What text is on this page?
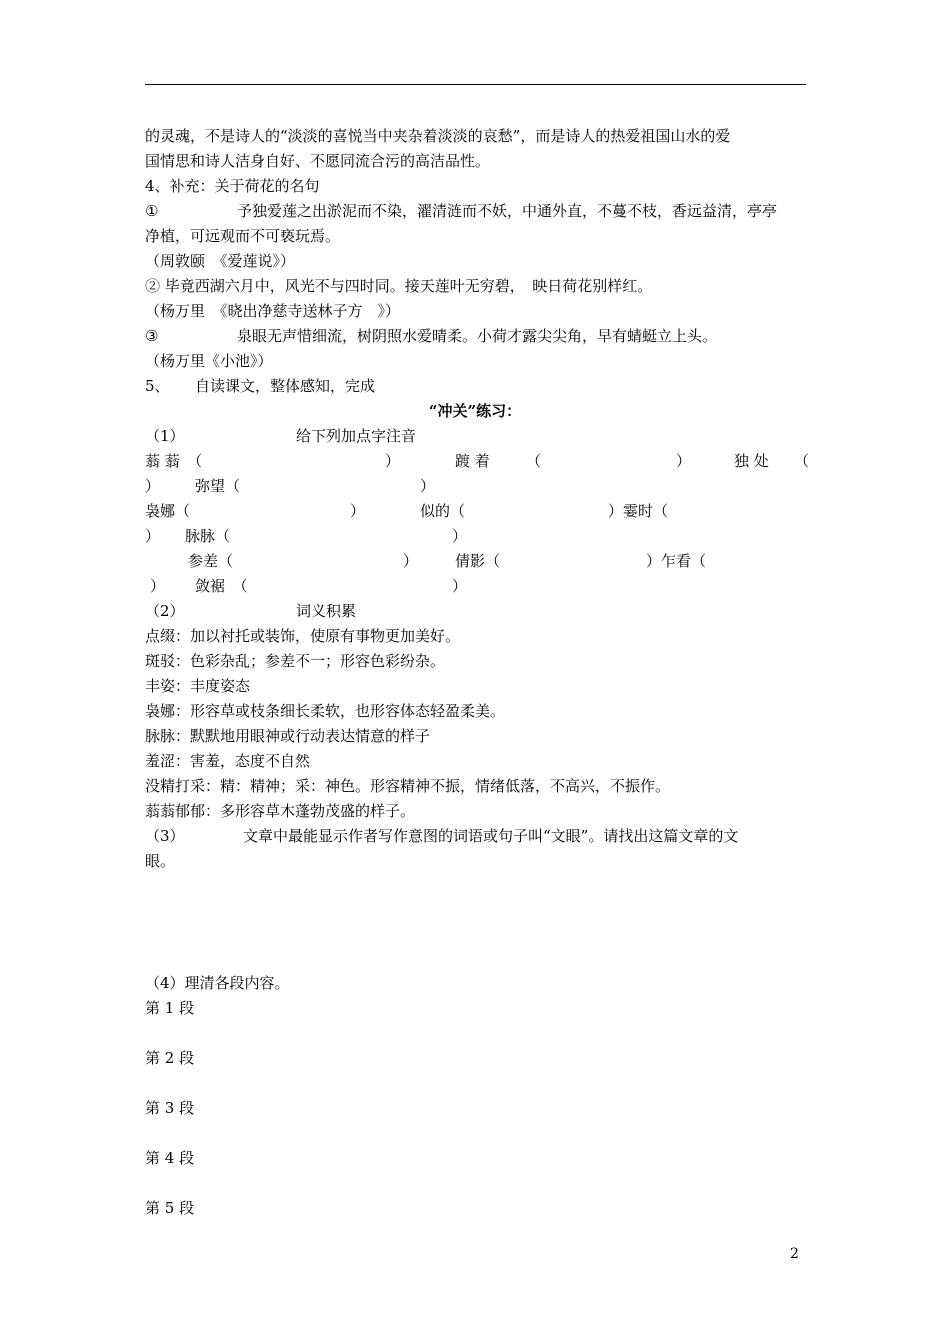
的灵魂，不是诗人的“淡淡的喜悦当中夹杂着淡淡的哀愁”，而是诗人的热爱祖国山水的爱
国情思和诗人洁身自好、不愿同流合污的高洁品性。
4、补充：关于荷花的名句
①	予独爱莲之出淤泥而不染，濯清涟而不妖，中通外直，不蔓不枝，香远益清，亭亭
净植，可远观而不可亵玩焉。
（周敦颐　《爱莲说》）
② 毕竟西湖六月中，风光不与四时同。接天莲叶无穷碧，　映日荷花别样红。
（杨万里　《晓出净慈寺送林子方　》）
③	泉眼无声惜细流，树阴照水爱晴柔。小荷才露尖尖角，早有蜻蜓立上头。
（杨万里《小池》）
5、 自读课文，整体感知，完成
“冲关”练习：
（1）	给下列加点字注音
蓊 蓊　（	）	踱 着 （	）	独 处 （
） 弥望（	）
袅娜（	）	似的（	）霎时（
） 脉脉（	）
参差（	） 倩影（	）乍看（
） 敛裾　（	）
（2）	词义积累
点缀：加以衬托或装饰，使原有事物更加美好。
斑驳：色彩杂乱；参差不一；形容色彩纷杂。
丰姿：丰度姿态
袅娜：形容草或枝条细长柔软，也形容体态轻盈柔美。
脉脉：默默地用眼神或行动表达情意的样子
羞涩：害羞，态度不自然
没精打采：精：精神；采：神色。形容精神不振，情绪低落，不高兴，不振作。
蓊蓊郁郁：多形容草木蓬勃茂盛的样子。
（3）	文章中最能显示作者写作意图的词语或句子叫“文眼”。请找出这篇文章的文
眼。
（4）理清各段内容。
第 1 段
第 2 段
第 3 段
第 4 段
第 5 段
2
